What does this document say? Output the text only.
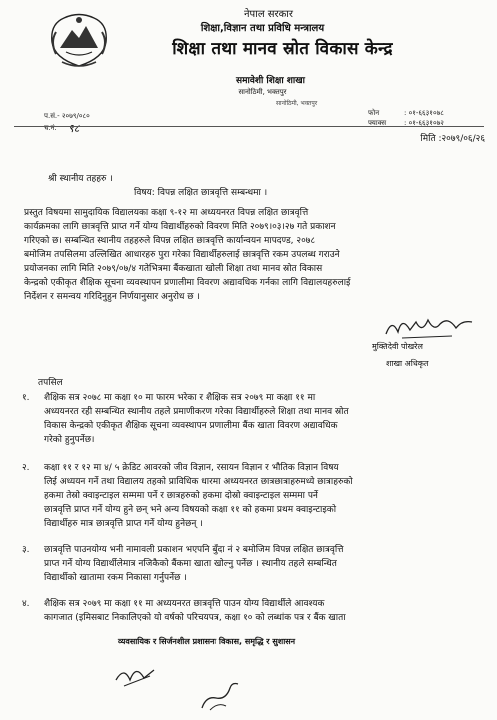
नेपाल सरकार
शिक्षा,विज्ञान तथा प्रविधि मन्त्रालय
शिक्षा तथा मानव स्रोत विकास केन्द्र
समावेशी शिक्षा शाखा
सानोठिमी, भक्तपुर
सानोठिमी, भक्तपुर
प.सं.- २०७९/०८०
च.नं. ९८
फोन	: ०१-६६३१०७८
फ्याक्स	: ०१-६६३१०७२
मिति :२०७९/०६/२६
श्री स्थानीय तहहरु ।
विषय: विपन्न लक्षित छात्रवृत्ति सम्बन्धमा ।
प्रस्तुत विषयमा सामुदायिक विद्यालयका कक्षा ९-१२ मा अध्ययनरत विपन्न लक्षित छात्रवृत्ति
कार्यक्रमका लागि छात्रवृत्ति प्राप्त गर्ने योग्य विद्यार्थीहरुको विवरण मिति २०७९।०३।२७ गते प्रकाशन
गरिएको छ। सम्बन्धित स्थानीय तहहरुले विपन्न लक्षित छात्रवृत्ति कार्यान्वयन मापदण्ड, २०७८
बमोजिम तपसिलमा उल्लिखित आधारहरु पुरा गरेका विद्यार्थीहरुलाई छात्रवृत्ति रकम उपलब्ध गराउने
प्रयोजनका लागि मिति २०७९/०७/४ गतेभित्रमा बैंकखाता खोली शिक्षा तथा मानव स्रोत विकास
केन्द्रको एकीकृत शैक्षिक सूचना व्यवस्थापन प्रणालीमा विवरण अद्यावधिक गर्नका लागि विद्यालयहरुलाई
निर्देशन र समन्वय गरिदिनुहुन निर्णयानुसार अनुरोध छ ।
मुक्तिदेवी पोखरेल
शाखा अधिकृत
तपसिल
१. शैक्षिक सत्र २०७८ मा कक्षा १० मा फारम भरेका र शैक्षिक सत्र २०७९ मा कक्षा ११ मा
अध्ययनरत रही सम्बन्धित स्थानीय तहले प्रमाणीकरण गरेका विद्यार्थीहरुले शिक्षा तथा मानव स्रोत
विकास केन्द्रको एकीकृत शैक्षिक सूचना व्यवस्थापन प्रणालीमा बैंक खाता विवरण अद्यावधिक
गरेको हुनुपर्नेछ।
२. कक्षा ११ र १२ मा ४/ ५ क्रेडिट आवरको जीव विज्ञान, रसायन विज्ञान र भौतिक विज्ञान विषय
लिई अध्ययन गर्ने तथा विद्यालय तहको प्राविधिक धारमा अध्ययनरत छात्रछात्राहरुमध्ये छात्राहरुको
हकमा तेस्रो क्वाइन्टाइल सम्ममा पर्ने र छात्रहरुको हकमा दोस्रो क्वाइन्टाइल सम्ममा पर्ने
छात्रवृत्ति प्राप्त गर्ने योग्य हुने छन् भने अन्य विषयको कक्षा ११ को हकमा प्रथम क्वाइन्टाइको
विद्यार्थीहरु मात्र छात्रवृत्ति प्राप्त गर्ने योग्य हुनेछन् ।
३. छात्रवृत्ति पाउनयोग्य भनी नामावली प्रकाशन भएपनि बुँदा नं २ बमोजिम विपन्न लक्षित छात्रवृत्ति
प्राप्त गर्ने योग्य विद्यार्थीलेमात्र नजिकैको बैंकमा खाता खोल्नु पर्नेछ । स्थानीय तहले सम्बन्धित
विद्यार्थीको खातामा रकम निकासा गर्नुपर्नेछ ।
४. शैक्षिक सत्र २०७९ मा कक्षा ११ मा अध्ययनरत छात्रवृत्ति पाउन योग्य विद्यार्थीले आवश्यक
कागजात (इमिसबाट निकालिएको यो वर्षको परिचयपत्र, कक्षा १० को लब्धांक पत्र र बैंक खाता
व्यवसायिक र सिर्जनशील प्रशासनः विकास, समृद्धि र सुशासन
